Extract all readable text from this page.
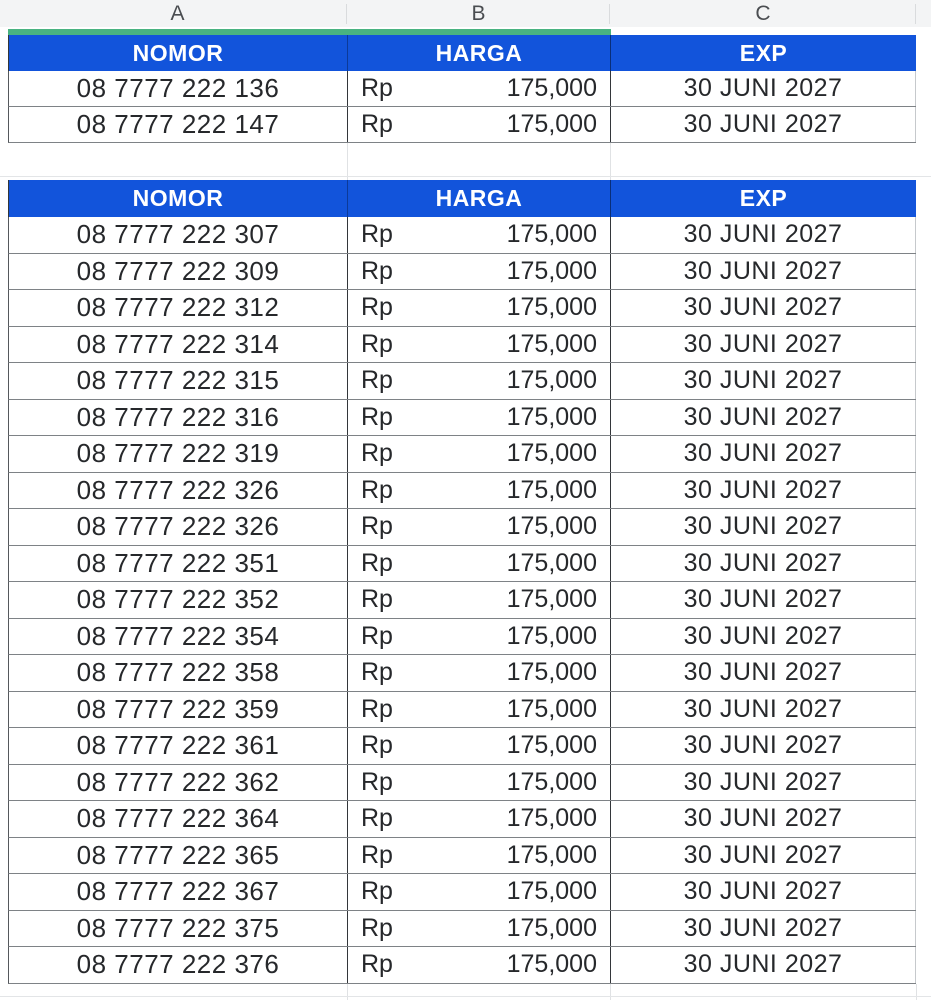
A	B	C
NOMOR	HARGA	EXP
08 7777 222 136	Rp	175,000	30 JUNI 2027
08 7777 222 147	Rp	175,000	30 JUNI 2027
NOMOR	HARGA	EXP
08 7777 222 307	Rp	175,000	30 JUNI 2027
08 7777 222 309	Rp	175,000	30 JUNI 2027
08 7777 222 312	Rp	175,000	30 JUNI 2027
08 7777 222 314	Rp	175,000	30 JUNI 2027
08 7777 222 315	Rp	175,000	30 JUNI 2027
08 7777 222 316	Rp	175,000	30 JUNI 2027
08 7777 222 319	Rp	175,000	30 JUNI 2027
08 7777 222 326	Rp	175,000	30 JUNI 2027
08 7777 222 326	Rp	175,000	30 JUNI 2027
08 7777 222 351	Rp	175,000	30 JUNI 2027
08 7777 222 352	Rp	175,000	30 JUNI 2027
08 7777 222 354	Rp	175,000	30 JUNI 2027
08 7777 222 358	Rp	175,000	30 JUNI 2027
08 7777 222 359	Rp	175,000	30 JUNI 2027
08 7777 222 361	Rp	175,000	30 JUNI 2027
08 7777 222 362	Rp	175,000	30 JUNI 2027
08 7777 222 364	Rp	175,000	30 JUNI 2027
08 7777 222 365	Rp	175,000	30 JUNI 2027
08 7777 222 367	Rp	175,000	30 JUNI 2027
08 7777 222 375	Rp	175,000	30 JUNI 2027
08 7777 222 376	Rp	175,000	30 JUNI 2027
